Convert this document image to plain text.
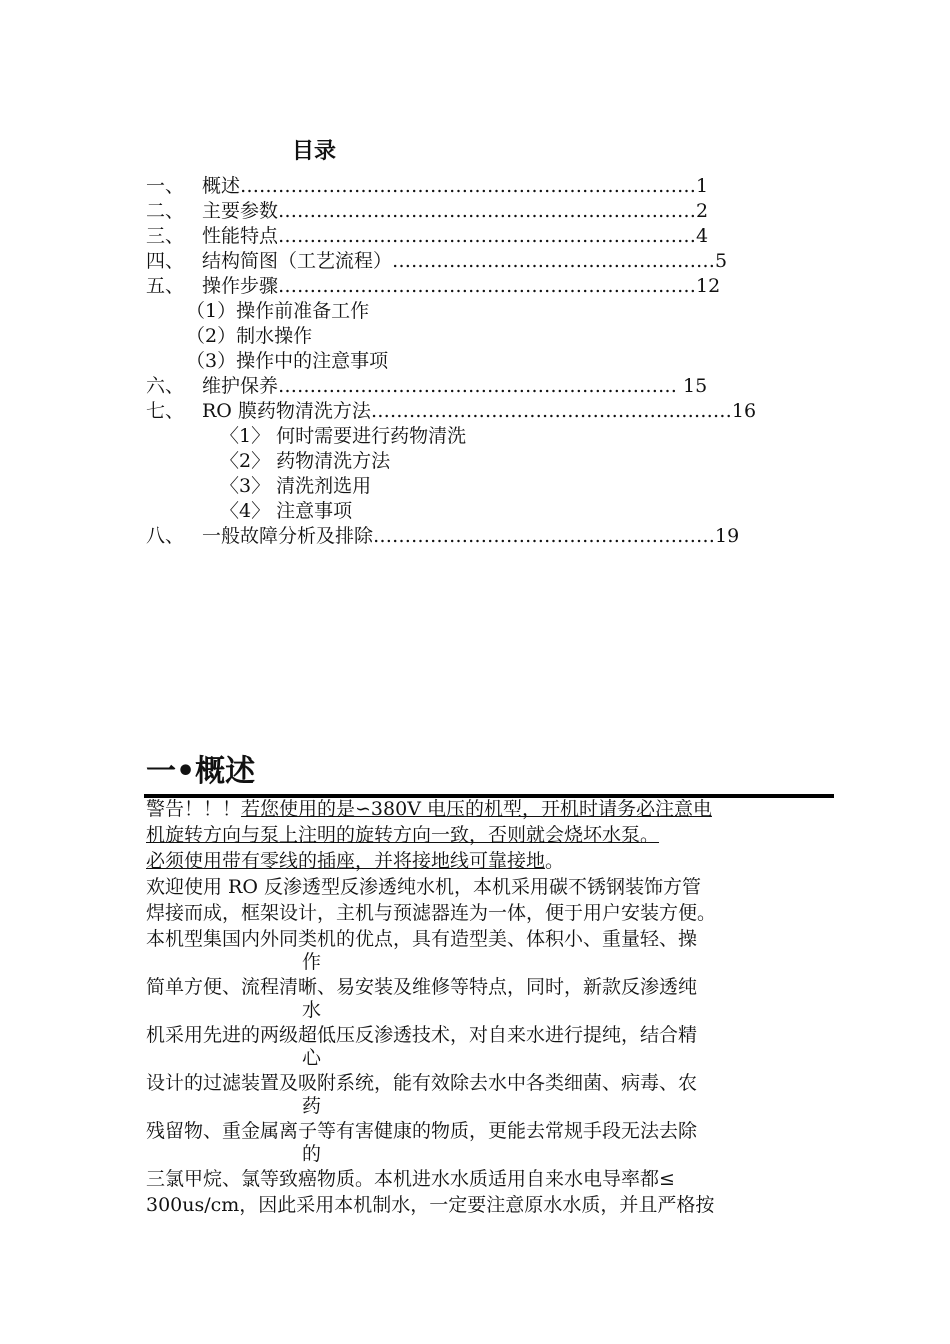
目录
一、 概述………………………………………………………………1
二、 主要参数…………………………………………………………2
三、 性能特点…………………………………………………………4
四、 结构简图（工艺流程）……………………………………………5
五、 操作步骤…………………………………………………………12
（1）操作前准备工作
（2）制水操作
（3）操作中的注意事项
六、 维护保养……………………………………………………… 15
七、 RO 膜药物清洗方法…………………………………………………16
〈1〉 何时需要进行药物清洗
〈2〉 药物清洗方法
〈3〉 清洗剂选用
〈4〉 注意事项
八、 一般故障分析及排除………………………………………………19
一•概述
警告！！！若您使用的是∽380V 电压的机型，开机时请务必注意电
机旋转方向与泵上注明的旋转方向一致，否则就会烧坏水泵。
必须使用带有零线的插座，并将接地线可靠接地。
欢迎使用 RO 反渗透型反渗透纯水机，本机采用碳不锈钢装饰方管
焊接而成，框架设计，主机与预滤器连为一体，便于用户安装方便。
本机型集国内外同类机的优点，具有造型美、体积小、重量轻、操
作
简单方便、流程清晰、易安装及维修等特点，同时，新款反渗透纯
水
机采用先进的两级超低压反渗透技术，对自来水进行提纯，结合精
心
设计的过滤装置及吸附系统，能有效除去水中各类细菌、病毒、农
药
残留物、重金属离子等有害健康的物质，更能去常规手段无法去除
的
三氯甲烷、氯等致癌物质。本机进水水质适用自来水电导率都≤
300us/cm，因此采用本机制水，一定要注意原水水质，并且严格按
